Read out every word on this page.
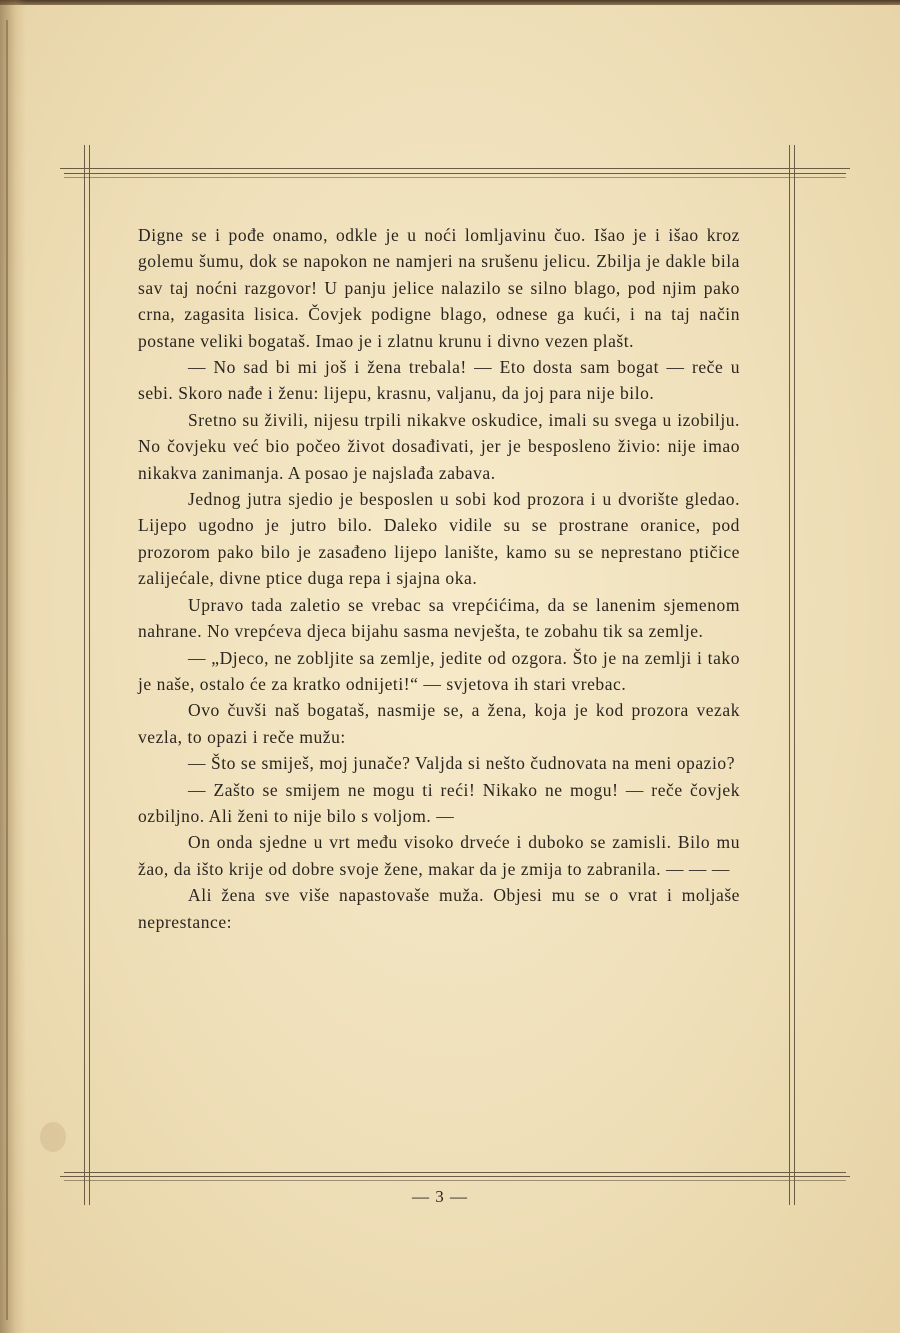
Digne se i pođe onamo, odkle je u noći lomljavinu čuo. Išao je i išao kroz golemu šumu, dok se napokon ne namjeri na srušenu jelicu. Zbilja je dakle bila sav taj noćni razgovor! U panju jelice nalazilo se silno blago, pod njim pako crna, zagasita lisica. Čovjek podigne blago, odnese ga kući, i na taj način postane veliki bogataš. Imao je i zlatnu krunu i divno vezen plašt.

— No sad bi mi još i žena trebala! — Eto dosta sam bogat — reče u sebi. Skoro nađe i ženu: lijepu, krasnu, valjanu, da joj para nije bilo.

Sretno su živili, nijesu trpili nikakve oskudice, imali su svega u izobilju. No čovjeku već bio počeo život dosađivati, jer je besposleno živio: nije imao nikakva zanimanja. A posao je najslađa zabava.

Jednog jutra sjedio je besposlen u sobi kod prozora i u dvorište gledao. Lijepo ugodno je jutro bilo. Daleko vidile su se prostrane oranice, pod prozorom pako bilo je zasađeno lijepo lanište, kamo su se neprestano ptičice zalijećale, divne ptice duga repa i sjajna oka.

Upravo tada zaletio se vrebac sa vrepćićima, da se lanenim sjemenom nahrane. No vrepćeva djeca bijahu sasma nevješta, te zobahu tik sa zemlje.

— „Djeco, ne zobljite sa zemlje, jedite od ozgora. Što je na zemlji i tako je naše, ostalo će za kratko odnijeti!“ — svjetova ih stari vrebac.

Ovo čuvši naš bogataš, nasmije se, a žena, koja je kod prozora vezak vezla, to opazi i reče mužu:

— Što se smiješ, moj junače? Valjda si nešto čudnovata na meni opazio?

— Zašto se smijem ne mogu ti reći! Nikako ne mogu! — reče čovjek ozbiljno. Ali ženi to nije bilo s voljom. —

On onda sjedne u vrt među visoko drveće i duboko se zamisli. Bilo mu žao, da išto krije od dobre svoje žene, makar da je zmija to zabranila. — — —

Ali žena sve više napastovaše muža. Objesi mu se o vrat i moljaše neprestance:

— 3 —
